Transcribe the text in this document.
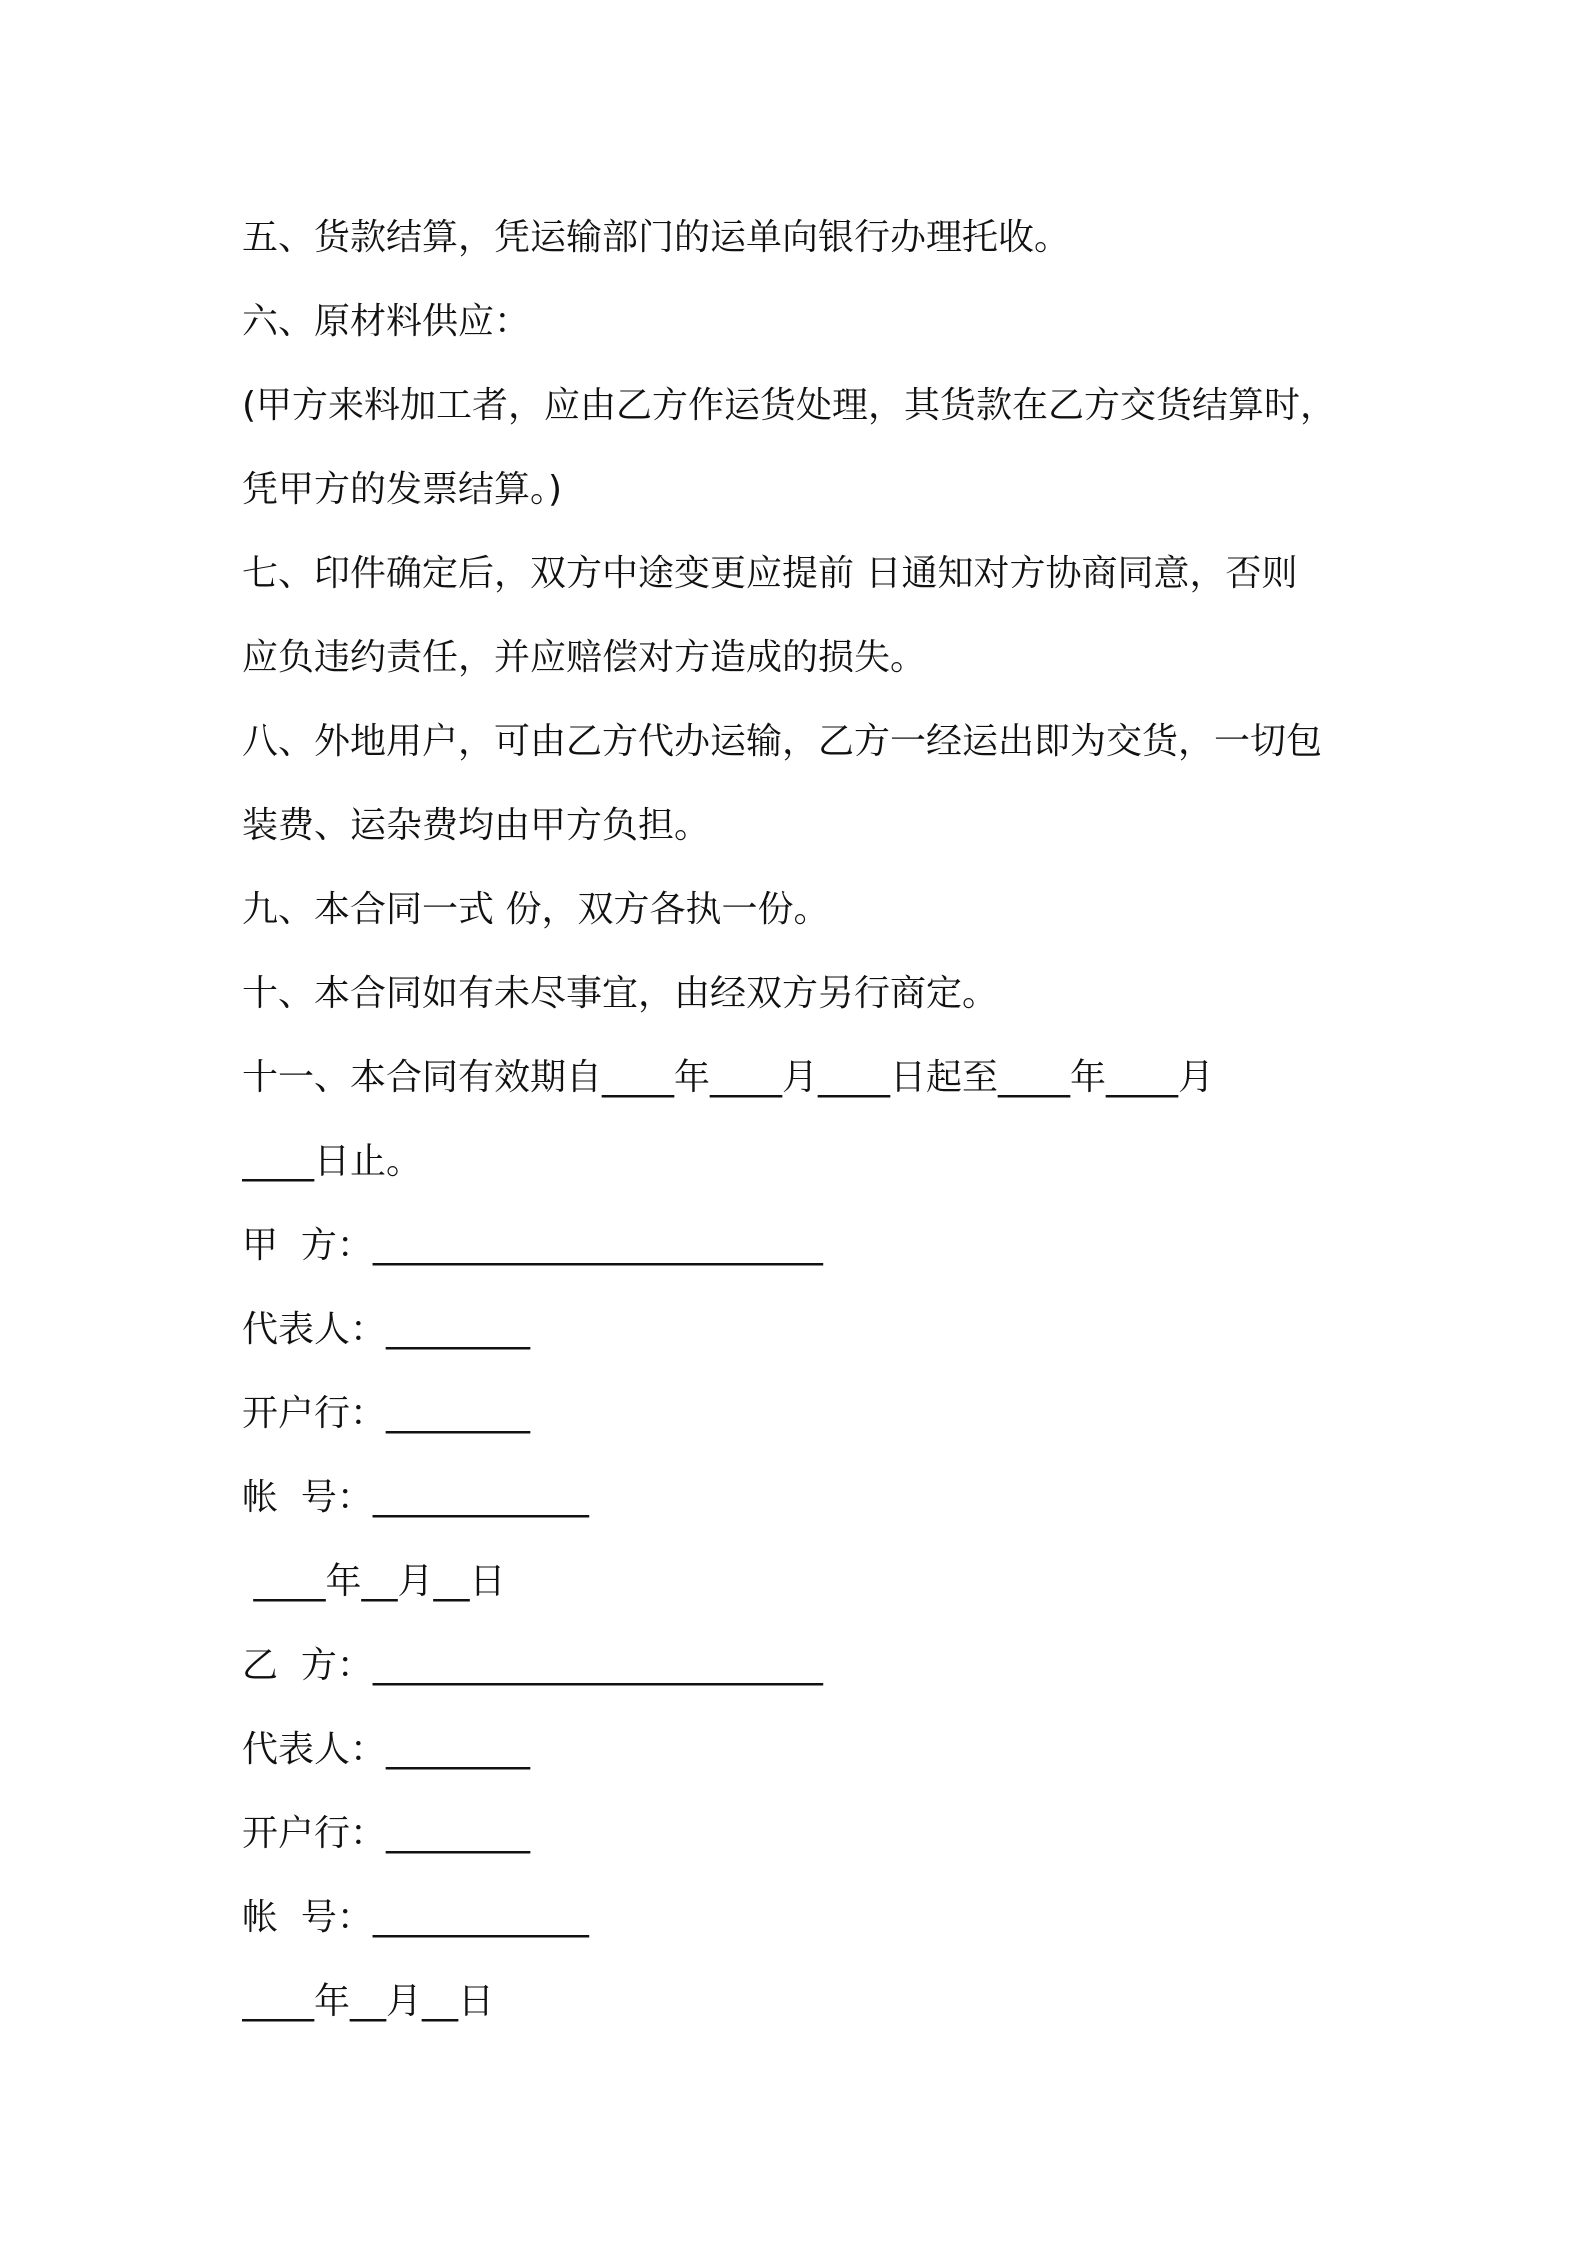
五、货款结算，凭运输部门的运单向银行办理托收。
六、原材料供应：
(甲方来料加工者，应由乙方作运货处理，其货款在乙方交货结算时，
凭甲方的发票结算。)
七、印件确定后，双方中途变更应提前 日通知对方协商同意，否则
应负违约责任，并应赔偿对方造成的损失。
八、外地用户，可由乙方代办运输，乙方一经运出即为交货，一切包
装费、运杂费均由甲方负担。
九、本合同一式 份，双方各执一份。
十、本合同如有未尽事宜，由经双方另行商定。
十一、本合同有效期自____年____月____日起至____年____月
____日止。
甲  方：_________________________
代表人：________
开户行：________
帐  号：____________
____年__月__日
乙  方：_________________________
代表人：________
开户行：________
帐  号：____________
____年__月__日
